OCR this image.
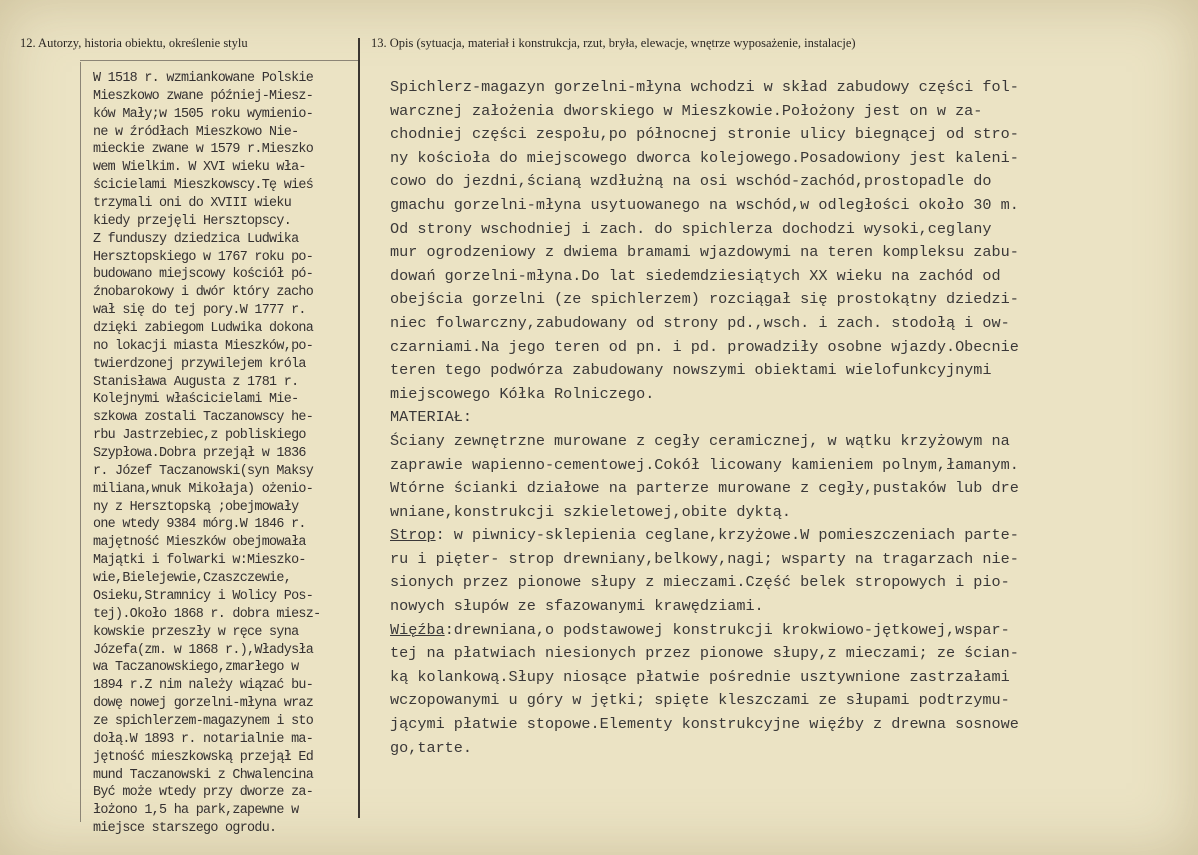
12. Autorzy, historia obiektu, określenie stylu	13. Opis (sytuacja, materiał i konstrukcja, rzut, bryła, elewacje, wnętrze wyposażenie, instalacje)
W 1518 r. wzmiankowane Polskie
Mieszkowo zwane później-Miesz-
ków Mały;w 1505 roku wymienio-
ne w źródłach Mieszkowo Nie-
mieckie zwane w 1579 r.Mieszko
wem Wielkim. W XVI wieku wła-
ścicielami Mieszkowscy.Tę wieś
trzymali oni do XVIII wieku
kiedy przejęli Hersztopscy.
Z funduszy dziedzica Ludwika
Hersztopskiego w 1767 roku po-
budowano miejscowy kościół pó-
źnobarokowy i dwór który zacho
wał się do tej pory.W 1777 r.
dzięki zabiegom Ludwika dokona
no lokacji miasta Mieszków,po-
twierdzonej przywilejem króla
Stanisława Augusta z 1781 r.
Kolejnymi właścicielami Mie-
szkowa zostali Taczanowscy he-
rbu Jastrzebiec,z pobliskiego
Szypłowa.Dobra przejął w 1836
r. Józef Taczanowski(syn Maksy
miliana,wnuk Mikołaja) ożenio-
ny z Hersztopską ;obejmowały
one wtedy 9384 mórg.W 1846 r.
majętność Mieszków obejmowała
Majątki i folwarki w:Mieszko-
wie,Bielejewie,Czaszczewie,
Osieku,Stramnicy i Wolicy Pos-
tej).Około 1868 r. dobra miesz-
kowskie przeszły w ręce syna
Józefa(zm. w 1868 r.),Władysła
wa Taczanowskiego,zmarłego w
1894 r.Z nim należy wiązać bu-
dowę nowej gorzelni-młyna wraz
ze spichlerzem-magazynem i sto
dołą.W 1893 r. notarialnie ma-
jętność mieszkowską przejął Ed
mund Taczanowski z Chwalencina
Być może wtedy przy dworze za-
łożono 1,5 ha park,zapewne w
miejsce starszego ogrodu.
Spichlerz-magazyn gorzelni-młyna wchodzi w skład zabudowy części fol-
warcznej założenia dworskiego w Mieszkowie.Położony jest on w za-
chodniej części zespołu,po północnej stronie ulicy biegnącej od stro-
ny kościoła do miejscowego dworca kolejowego.Posadowiony jest kaleni-
cowo do jezdni,ścianą wzdłużną na osi wschód-zachód,prostopadle do
gmachu gorzelni-młyna usytuowanego na wschód,w odległości około 30 m.
Od strony wschodniej i zach. do spichlerza dochodzi wysoki,ceglany
mur ogrodzeniowy z dwiema bramami wjazdowymi na teren kompleksu zabu-
dowań gorzelni-młyna.Do lat siedemdziesiątych XX wieku na zachód od
obejścia gorzelni (ze spichlerzem) rozciągał się prostokątny dziedzi-
niec folwarczny,zabudowany od strony pd.,wsch. i zach. stodołą i ow-
czarniami.Na jego teren od pn. i pd. prowadziły osobne wjazdy.Obecnie
teren tego podwórza zabudowany nowszymi obiektami wielofunkcyjnymi
miejscowego Kółka Rolniczego.
MATERIAŁ:
Ściany zewnętrzne murowane z cegły ceramicznej, w wątku krzyżowym na
zaprawie wapienno-cementowej.Cokół licowany kamieniem polnym,łamanym.
Wtórne ścianki działowe na parterze murowane z cegły,pustaków lub dre
wniane,konstrukcji szkieletowej,obite dyktą.
Strop: w piwnicy-sklepienia ceglane,krzyżowe.W pomieszczeniach parte-
ru i pięter- strop drewniany,belkowy,nagi; wsparty na tragarzach nie-
sionych przez pionowe słupy z mieczami.Część belek stropowych i pio-
nowych słupów ze sfazowanymi krawędziami.
Więźba:drewniana,o podstawowej konstrukcji krokwiowo-jętkowej,wspar-
tej na płatwiach niesionych przez pionowe słupy,z mieczami; ze ścian-
ką kolankową.Słupy niosące płatwie pośrednie usztywnione zastrzałami
wczopowanymi u góry w jętki; spięte kleszczami ze słupami podtrzymu-
jącymi płatwie stopowe.Elementy konstrukcyjne więźby z drewna sosnowe
go,tarte.
